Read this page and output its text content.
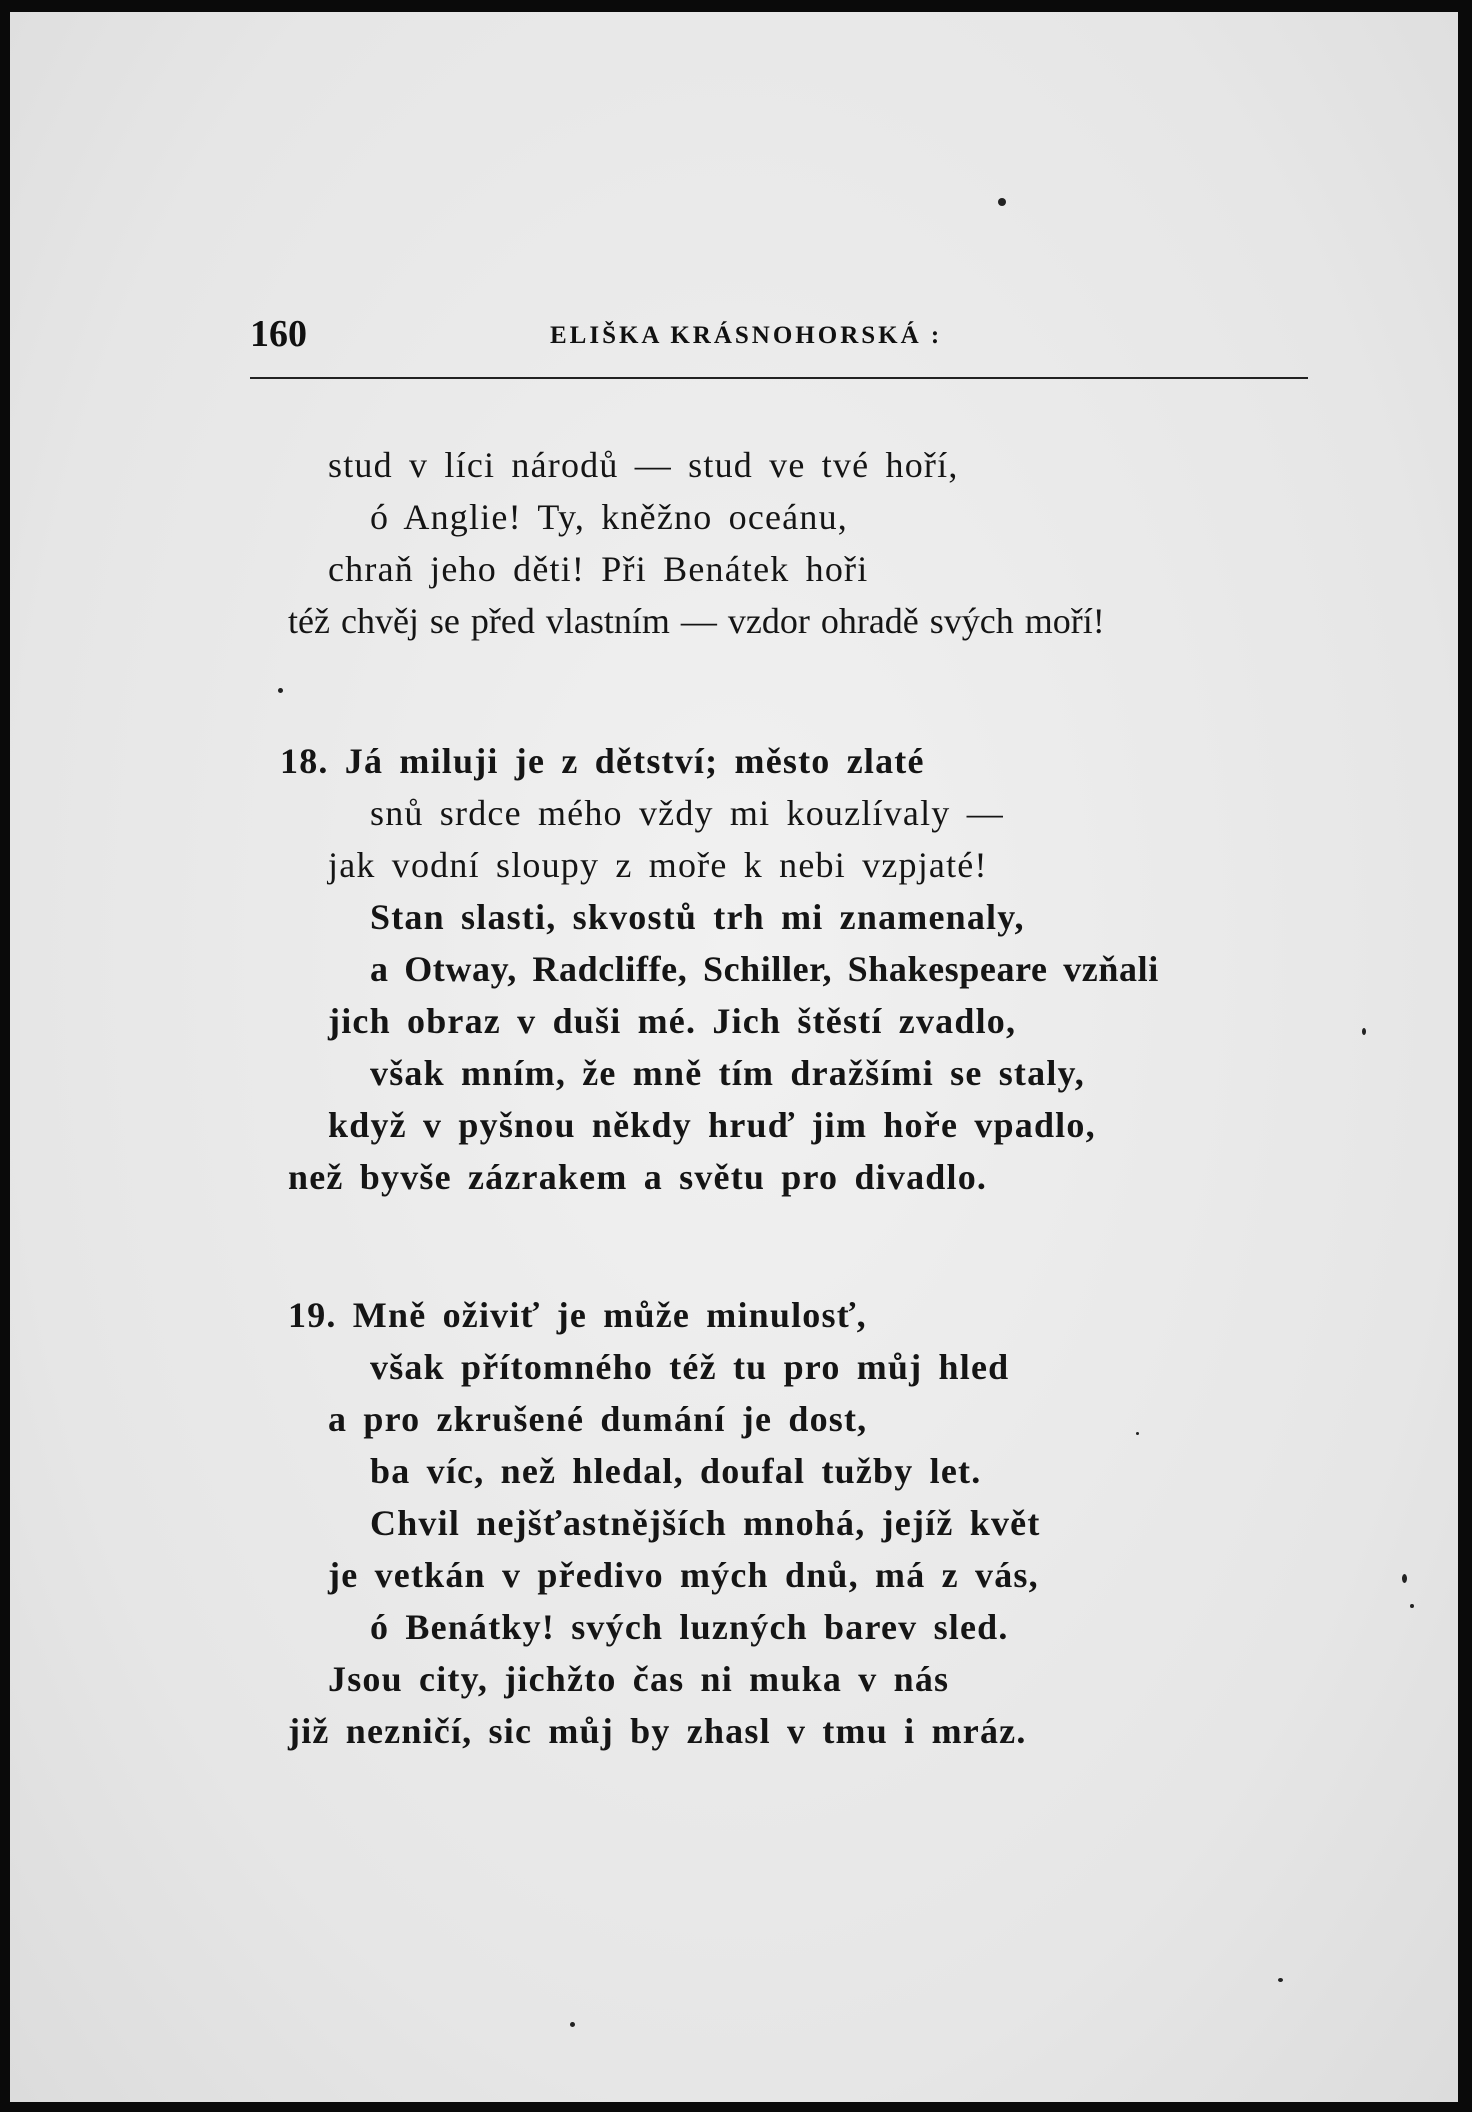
160	ELIŠKA KRÁSNOHORSKÁ :
stud v líci národů — stud ve tvé hoří,
ó Anglie! Ty, kněžno oceánu,
chraň jeho děti! Při Benátek hoři
též chvěj se před vlastním — vzdor ohradě svých moří!
18. Já miluji je z dětství; město zlaté
snů srdce mého vždy mi kouzlívaly —
jak vodní sloupy z moře k nebi vzpjaté!
Stan slasti, skvostů trh mi znamenaly,
a Otway, Radcliffe, Schiller, Shakespeare vzňali
jich obraz v duši mé. Jich štěstí zvadlo,
však mním, že mně tím dražšími se staly,
když v pyšnou někdy hruď jim hoře vpadlo,
než byvše zázrakem a světu pro divadlo.
19. Mně oživiť je může minulosť,
však přítomného též tu pro můj hled
a pro zkrušené dumání je dost,
ba víc, než hledal, doufal tužby let.
Chvil nejšťastnějších mnohá, jejíž květ
je vetkán v předivo mých dnů, má z vás,
ó Benátky! svých luzných barev sled.
Jsou city, jichžto čas ni muka v nás
již nezničí, sic můj by zhasl v tmu i mráz.
